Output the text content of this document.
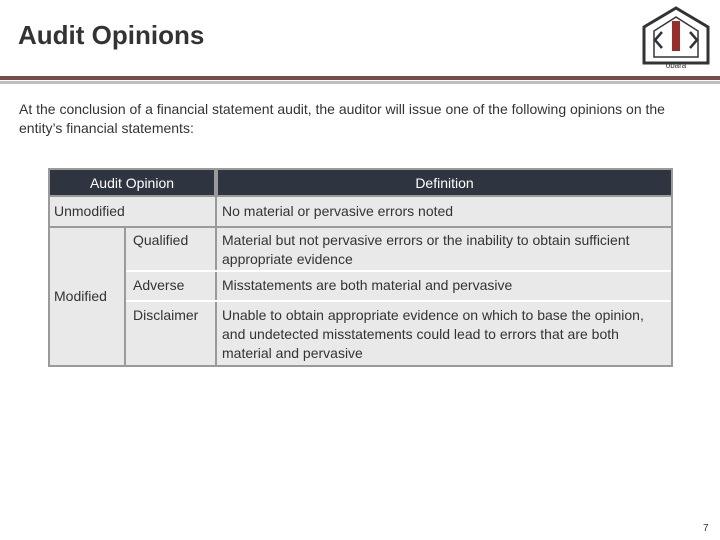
Audit Opinions
obara
At the conclusion of a financial statement audit, the auditor will issue one of the following opinions on the entity’s financial statements:
Audit Opinion	Definition
Unmodified	No material or pervasive errors noted
Modified
Qualified	Material but not pervasive errors or the inability to obtain sufficient appropriate evidence
Adverse	Misstatements are both material and pervasive
Disclaimer	Unable to obtain appropriate evidence on which to base the opinion, and undetected misstatements could lead to errors that are both material and pervasive
7
